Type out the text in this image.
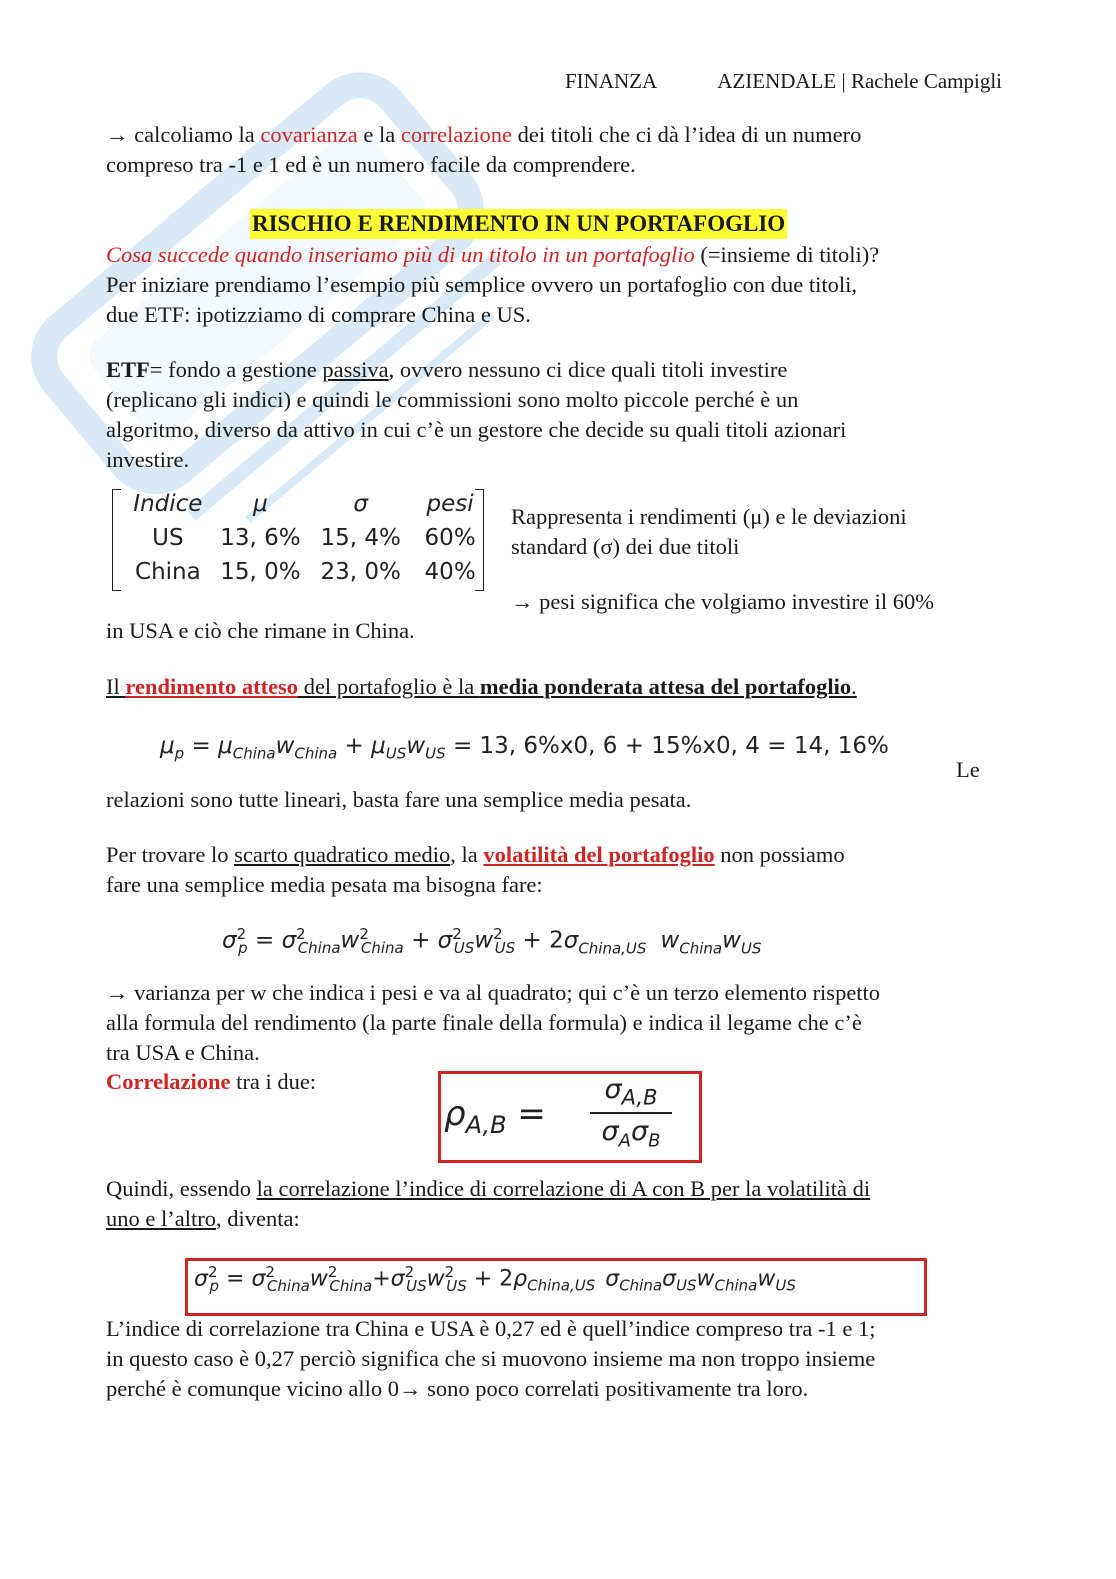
FINANZA	AZIENDALE | Rachele Campigli

→ calcoliamo la covarianza e la correlazione dei titoli che ci dà l’idea di un numero
compreso tra -1 e 1 ed è un numero facile da comprendere.

RISCHIO E RENDIMENTO IN UN PORTAFOGLIO

Cosa succede quando inseriamo più di un titolo in un portafoglio (=insieme di titoli)?
Per iniziare prendiamo l’esempio più semplice ovvero un portafoglio con due titoli,
due ETF: ipotizziamo di comprare China e US.

ETF= fondo a gestione passiva, ovvero nessuno ci dice quali titoli investire
(replicano gli indici) e quindi le commissioni sono molto piccole perché è un
algoritmo, diverso da attivo in cui c’è un gestore che decide su quali titoli azionari
investire.

Indice	μ	σ	pesi
US	13, 6%	15, 4%	60%
China	15, 0%	23, 0%	40%

Rappresenta i rendimenti (μ) e le deviazioni
standard (σ) dei due titoli

→ pesi significa che volgiamo investire il 60%

in USA e ciò che rimane in China.

Il rendimento atteso del portafoglio è la media ponderata attesa del portafoglio.

$\mu_p = \mu_{China}w_{China} + \mu_{US}w_{US} = 13$, 6%x0, 6 + 15%x0, 4 = 14, 16%
Le

relazioni sono tutte lineari, basta fare una semplice media pesata.

Per trovare lo scarto quadratico medio, la volatilità del portafoglio non possiamo
fare una semplice media pesata ma bisogna fare:

$\sigma^2_p = \sigma^2_{China}w^2_{China} + \sigma^2_{US}w^2_{US} + 2\sigma_{China,US}$ $w_{China}w_{US}$

→ varianza per w che indica i pesi e va al quadrato; qui c’è un terzo elemento rispetto
alla formula del rendimento (la parte finale della formula) e indica il legame che c’è
tra USA e China.

Correlazione tra i due:

$\rho_{A,B}$ =
$\sigma_{A,B}$
$\sigma_A\sigma_B$

Quindi, essendo la correlazione l’indice di correlazione di A con B per la volatilità di
uno e l’altro, diventa:

$\sigma^2_p = \sigma^2_{China}w^2_{China}+\sigma^2_{US}w^2_{US} + 2\rho_{China,US}$ $\sigma_{China}\sigma_{US}w_{China}w_{US}$

L’indice di correlazione tra China e USA è 0,27 ed è quell’indice compreso tra -1 e 1;
in questo caso è 0,27 perciò significa che si muovono insieme ma non troppo insieme
perché è comunque vicino allo 0→ sono poco correlati positivamente tra loro.
